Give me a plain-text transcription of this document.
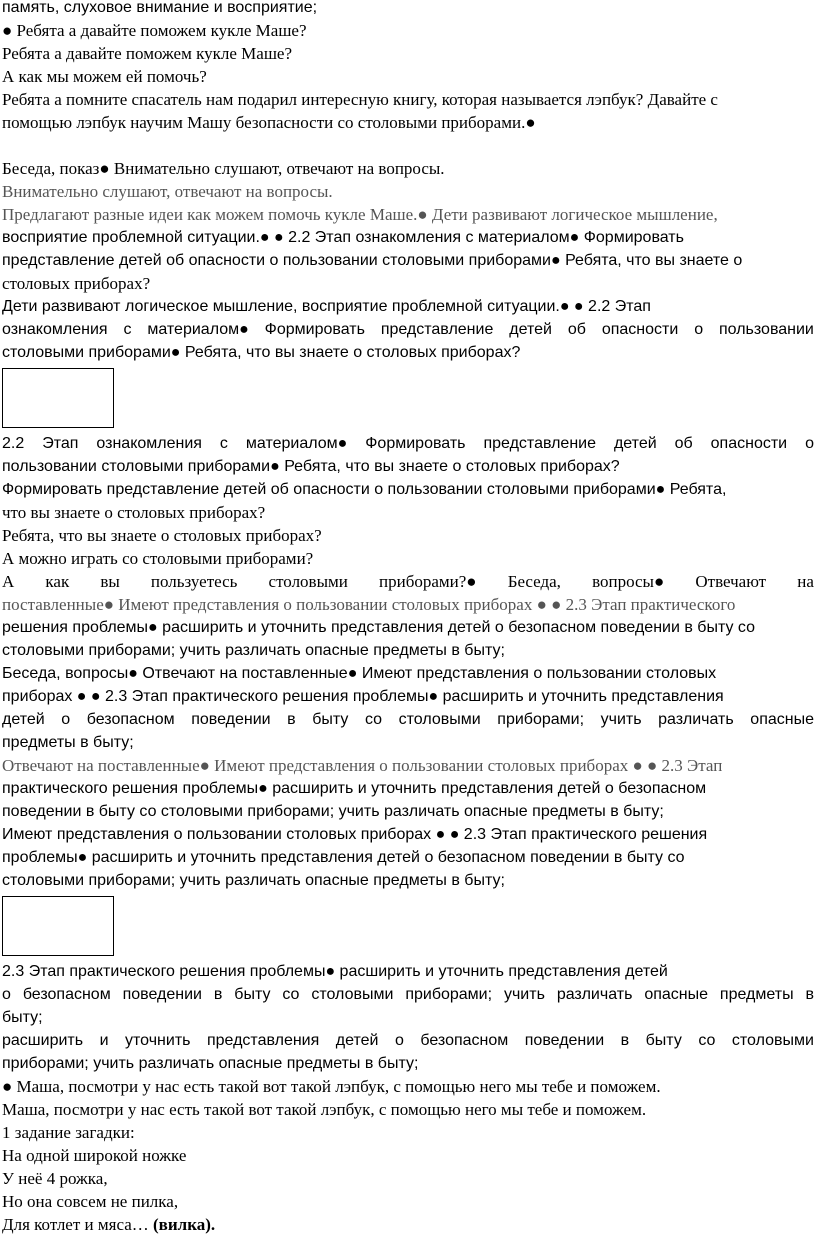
память, слуховое внимание и восприятие;
● Ребята а давайте поможем кукле Маше?
Ребята а давайте поможем кукле Маше?
А как мы можем ей помочь?
Ребята а помните спасатель нам подарил интересную книгу, которая называется лэпбук? Давайте с
помощью лэпбук научим Машу безопасности со столовыми приборами.●
Беседа, показ● Внимательно слушают, отвечают на вопросы.
Внимательно слушают, отвечают на вопросы.
Предлагают разные идеи как можем помочь кукле Маше.● Дети развивают логическое мышление,
восприятие проблемной ситуации.● ● 2.2 Этап ознакомления с материалом● Формировать
представление детей об опасности о пользовании столовыми приборами● Ребята, что вы знаете о
столовых приборах?
Дети развивают логическое мышление, восприятие проблемной ситуации.● ● 2.2 Этап
ознакомления с материалом● Формировать представление детей об опасности о пользовании
столовыми приборами● Ребята, что вы знаете о столовых приборах?
2.2 Этап ознакомления с материалом● Формировать представление детей об опасности о
пользовании столовыми приборами● Ребята, что вы знаете о столовых приборах?
Формировать представление детей об опасности о пользовании столовыми приборами● Ребята,
что вы знаете о столовых приборах?
Ребята, что вы знаете о столовых приборах?
А можно играть со столовыми приборами?
А как вы пользуетесь столовыми приборами?● Беседа, вопросы● Отвечают на
поставленные● Имеют представления о пользовании столовых приборах ● ● 2.3 Этап практического
решения проблемы● расширить и уточнить представления детей о безопасном поведении в быту со
столовыми приборами; учить различать опасные предметы в быту;
Беседа, вопросы● Отвечают на поставленные● Имеют представления о пользовании столовых
приборах ● ● 2.3 Этап практического решения проблемы● расширить и уточнить представления
детей о безопасном поведении в быту со столовыми приборами; учить различать опасные
предметы в быту;
Отвечают на поставленные● Имеют представления о пользовании столовых приборах ● ● 2.3 Этап
практического решения проблемы● расширить и уточнить представления детей о безопасном
поведении в быту со столовыми приборами; учить различать опасные предметы в быту;
Имеют представления о пользовании столовых приборах ● ● 2.3 Этап практического решения
проблемы● расширить и уточнить представления детей о безопасном поведении в быту со
столовыми приборами; учить различать опасные предметы в быту;
2.3 Этап практического решения проблемы● расширить и уточнить представления детей
о безопасном поведении в быту со столовыми приборами; учить различать опасные предметы в
быту;
расширить и уточнить представления детей о безопасном поведении в быту со столовыми
приборами; учить различать опасные предметы в быту;
● Маша, посмотри у нас есть такой вот такой лэпбук, с помощью него мы тебе и поможем.
Маша, посмотри у нас есть такой вот такой лэпбук, с помощью него мы тебе и поможем.
1 задание загадки:
На одной широкой ножке
У неё 4 рожка,
Но она совсем не пилка,
Для котлет и мяса… (вилка).
